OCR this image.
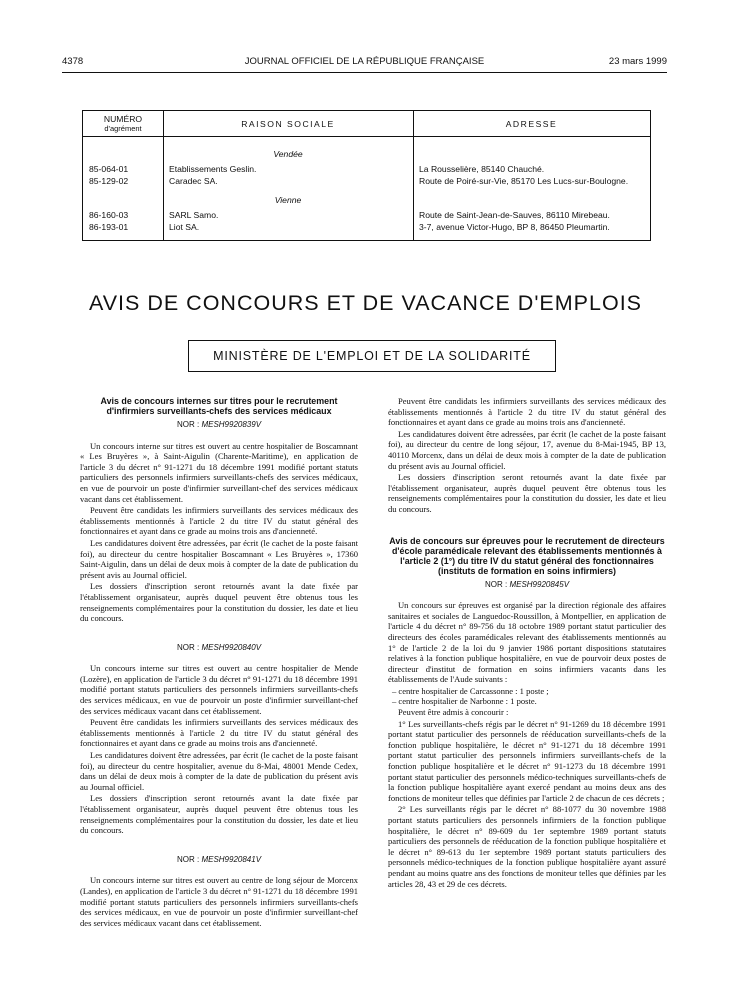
4378	JOURNAL OFFICIEL DE LA RÉPUBLIQUE FRANÇAISE	23 mars 1999
NUMÉRO
d'agrément	RAISON SOCIALE	ADRESSE
Vendée
85-064-01	Etablissements Geslin.	La Rousselière, 85140 Chauché.
85-129-02	Caradec SA.	Route de Poiré-sur-Vie, 85170 Les Lucs-sur-Boulogne.
Vienne
86-160-03	SARL Samo.	Route de Saint-Jean-de-Sauves, 86110 Mirebeau.
86-193-01	Liot SA.	3-7, avenue Victor-Hugo, BP 8, 86450 Pleumartin.
AVIS DE CONCOURS ET DE VACANCE D'EMPLOIS
MINISTÈRE DE L'EMPLOI ET DE LA SOLIDARITÉ
Avis de concours internes sur titres pour le recrutement d'infirmiers surveillants-chefs des services médicaux
NOR : MESH9920839V

Un concours interne sur titres est ouvert au centre hospitalier de Boscamnant « Les Bruyères », à Saint-Aigulin (Charente-Maritime), en application de l'article 3 du décret n° 91-1271 du 18 décembre 1991 modifié portant statuts particuliers des personnels infirmiers surveillants-chefs des services médicaux, en vue de pourvoir un poste d'infirmier surveillant-chef des services médicaux vacant dans cet établissement.

Peuvent être candidats les infirmiers surveillants des services médicaux des établissements mentionnés à l'article 2 du titre IV du statut général des fonctionnaires et ayant dans ce grade au moins trois ans d'ancienneté.

Les candidatures doivent être adressées, par écrit (le cachet de la poste faisant foi), au directeur du centre hospitalier Boscamnant « Les Bruyères », 17360 Saint-Aigulin, dans un délai de deux mois à compter de la date de publication du présent avis au Journal officiel.

Les dossiers d'inscription seront retournés avant la date fixée par l'établissement organisateur, auprès duquel peuvent être obtenus tous les renseignements complémentaires pour la constitution du dossier, les date et lieu du concours.

NOR : MESH9920840V

Un concours interne sur titres est ouvert au centre hospitalier de Mende (Lozère), en application de l'article 3 du décret n° 91-1271 du 18 décembre 1991 modifié portant statuts particuliers des personnels infirmiers surveillants-chefs des services médicaux, en vue de pourvoir un poste d'infirmier surveillant-chef des services médicaux vacant dans cet établissement.

Peuvent être candidats les infirmiers surveillants des services médicaux des établissements mentionnés à l'article 2 du titre IV du statut général des fonctionnaires et ayant dans ce grade au moins trois ans d'ancienneté.

Les candidatures doivent être adressées, par écrit (le cachet de la poste faisant foi), au directeur du centre hospitalier, avenue du 8-Mai, 48001 Mende Cedex, dans un délai de deux mois à compter de la date de publication du présent avis au Journal officiel.

Les dossiers d'inscription seront retournés avant la date fixée par l'établissement organisateur, auprès duquel peuvent être obtenus tous les renseignements complémentaires pour la constitution du dossier, les date et lieu du concours.

NOR : MESH9920841V

Un concours interne sur titres est ouvert au centre de long séjour de Morcenx (Landes), en application de l'article 3 du décret n° 91-1271 du 18 décembre 1991 modifié portant statuts particuliers des personnels infirmiers surveillants-chefs des services médicaux, en vue de pourvoir un poste d'infirmier surveillant-chef des services médicaux vacant dans cet établissement.

Peuvent être candidats les infirmiers surveillants des services médicaux des établissements mentionnés à l'article 2 du titre IV du statut général des fonctionnaires et ayant dans ce grade au moins trois ans d'ancienneté.

Les candidatures doivent être adressées, par écrit (le cachet de la poste faisant foi), au directeur du centre de long séjour, 17, avenue du 8-Mai-1945, BP 13, 40110 Morcenx, dans un délai de deux mois à compter de la date de publication du présent avis au Journal officiel.

Les dossiers d'inscription seront retournés avant la date fixée par l'établissement organisateur, auprès duquel peuvent être obtenus tous les renseignements complémentaires pour la constitution du dossier, les date et lieu du concours.

Avis de concours sur épreuves pour le recrutement de directeurs d'école paramédicale relevant des établissements mentionnés à l'article 2 (1°) du titre IV du statut général des fonctionnaires (instituts de formation en soins infirmiers)
NOR : MESH9920845V

Un concours sur épreuves est organisé par la direction régionale des affaires sanitaires et sociales de Languedoc-Roussillon, à Montpellier, en application de l'article 4 du décret n° 89-756 du 18 octobre 1989 portant statut particulier des directeurs des écoles paramédicales relevant des établissements mentionnés au 1° de l'article 2 de la loi du 9 janvier 1986 portant dispositions statutaires relatives à la fonction publique hospitalière, en vue de pourvoir deux postes de directeur d'institut de formation en soins infirmiers vacants dans les établissements de l'Aude suivants :

– centre hospitalier de Carcassonne : 1 poste ;
– centre hospitalier de Narbonne : 1 poste.

Peuvent être admis à concourir :

1° Les surveillants-chefs régis par le décret n° 91-1269 du 18 décembre 1991 portant statut particulier des personnels de rééducation surveillants-chefs de la fonction publique hospitalière, le décret n° 91-1271 du 18 décembre 1991 portant statut particulier des personnels infirmiers surveillants-chefs de la fonction publique hospitalière et le décret n° 91-1273 du 18 décembre 1991 portant statut particulier des personnels médico-techniques surveillants-chefs de la fonction publique hospitalière ayant exercé pendant au moins deux ans des fonctions de moniteur telles que définies par l'article 2 de chacun de ces décrets ;

2° Les surveillants régis par le décret n° 88-1077 du 30 novembre 1988 portant statuts particuliers des personnels infirmiers de la fonction publique hospitalière, le décret n° 89-609 du 1er septembre 1989 portant statuts particuliers des personnels de rééducation de la fonction publique hospitalière et le décret n° 89-613 du 1er septembre 1989 portant statuts particuliers des personnels médico-techniques de la fonction publique hospitalière ayant assuré pendant au moins quatre ans des fonctions de moniteur telles que définies par les articles 28, 43 et 29 de ces décrets.
